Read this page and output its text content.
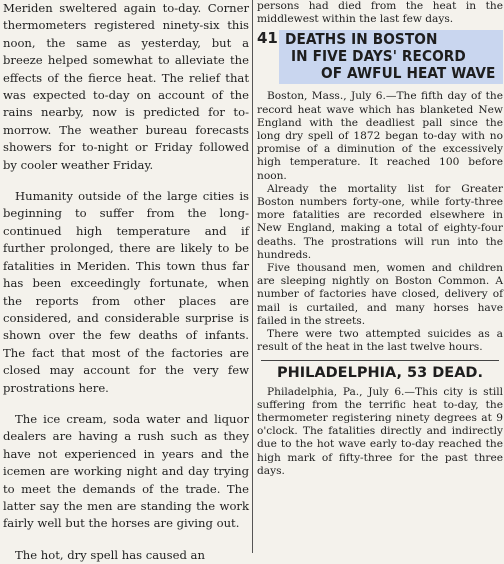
Meriden sweltered again to-day. Corner thermometers registered ninety-six this noon, the same as yesterday, but a breeze helped somewhat to alleviate the effects of the fierce heat. The relief that was expected to-day on account of the rains nearby, now is predicted for to-morrow. The weather bureau forecasts showers for to-night or Friday followed by cooler weather Friday.

Humanity outside of the large cities is beginning to suffer from the long-continued high temperature and if further prolonged, there are likely to be fatalities in Meriden. This town thus far has been exceedingly fortunate, when the reports from other places are considered, and considerable surprise is shown over the few deaths of infants. The fact that most of the factories are closed may account for the very few prostrations here.

The ice cream, soda water and liquor dealers are having a rush such as they have not experienced in years and the icemen are working night and day trying to meet the demands of the trade. The latter say the men are standing the work fairly well but the horses are giving out.

The hot, dry spell has caused an

persons had died from the heat in the middlewest within the last few days.

41 DEATHS IN BOSTON
IN FIVE DAYS' RECORD
OF AWFUL HEAT WAVE

Boston, Mass., July 6.—The fifth day of the record heat wave which has blanketed New England with the deadliest pall since the long dry spell of 1872 began to-day with no promise of a diminution of the excessively high temperature. It reached 100 before noon.

Already the mortality list for Greater Boston numbers forty-one, while forty-three more fatalities are recorded elsewhere in New England, making a total of eighty-four deaths. The prostrations will run into the hundreds.

Five thousand men, women and children are sleeping nightly on Boston Common. A number of factories have closed, delivery of mail is curtailed, and many horses have failed in the streets.

There were two attempted suicides as a result of the heat in the last twelve hours.

PHILADELPHIA, 53 DEAD.

Philadelphia, Pa., July 6.—This city is still suffering from the terrific heat to-day, the thermometer registering ninety degrees at 9 o'clock. The fatalities directly and indirectly due to the hot wave early to-day reached the high mark of fifty-three for the past three days.
